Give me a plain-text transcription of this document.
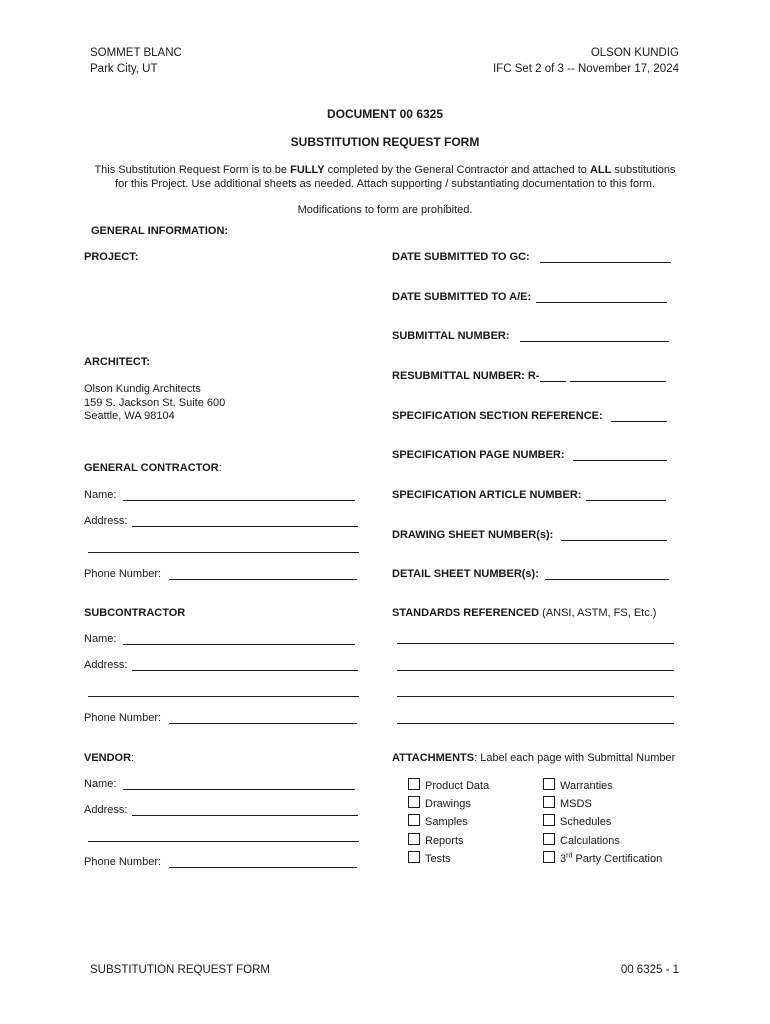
SOMMET BLANC
Park City, UT
OLSON KUNDIG
IFC Set 2 of 3 -- November 17, 2024
DOCUMENT 00 6325
SUBSTITUTION REQUEST FORM
This Substitution Request Form is to be FULLY completed by the General Contractor and attached to ALL substitutions for this Project. Use additional sheets as needed. Attach supporting / substantiating documentation to this form.
Modifications to form are prohibited.
GENERAL INFORMATION:
PROJECT:
ARCHITECT:
Olson Kundig Architects
159 S. Jackson St. Suite 600
Seattle, WA 98104
GENERAL CONTRACTOR:
Name:
Address:
Phone Number:
SUBCONTRACTOR
Name:
Address:
Phone Number:
VENDOR:
Name:
Address:
Phone Number:
DATE SUBMITTED TO GC:
DATE SUBMITTED TO A/E:
SUBMITTAL NUMBER:
RESUBMITTAL NUMBER: R-
SPECIFICATION SECTION REFERENCE:
SPECIFICATION PAGE NUMBER:
SPECIFICATION ARTICLE NUMBER:
DRAWING SHEET NUMBER(s):
DETAIL SHEET NUMBER(s):
STANDARDS REFERENCED (ANSI, ASTM, FS, Etc.)
ATTACHMENTS: Label each page with Submittal Number
Product Data
Drawings
Samples
Reports
Tests
Warranties
MSDS
Schedules
Calculations
3rd Party Certification
SUBSTITUTION REQUEST FORM	00 6325 - 1
